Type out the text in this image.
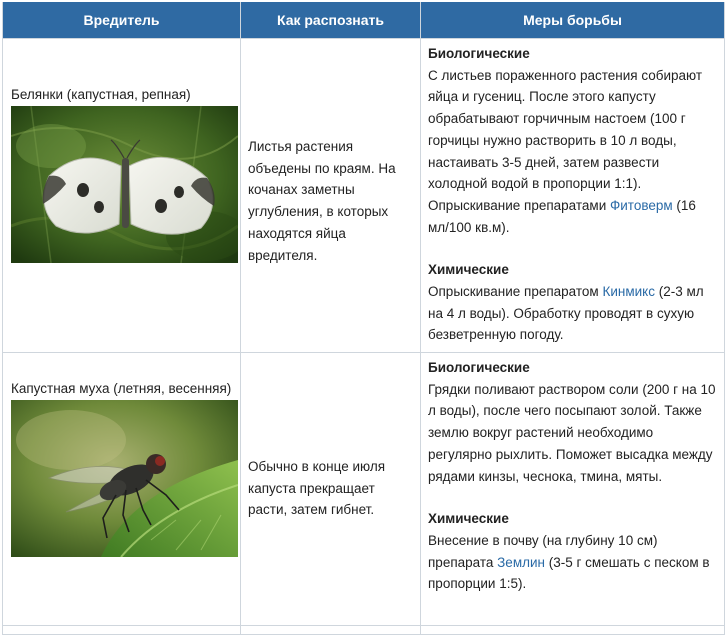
Вредитель	Как распознать	Меры борьбы

Белянки (капустная, репная)	Листья растения объедены по краям. На кочанах заметны углубления, в которых находятся яйца вредителя.	Биологические
С листьев пораженного растения собирают яйца и гусениц. После этого капусту обрабатывают горчичным настоем (100 г горчицы нужно растворить в 10 л воды, настаивать 3-5 дней, затем развести холодной водой в пропорции 1:1). Опрыскивание препаратами Фитоверм (16 мл/100 кв.м).
Химические
Опрыскивание препаратом Кинмикс (2-3 мл на 4 л воды). Обработку проводят в сухую безветренную погоду.

Капустная муха (летняя, весенняя)	Обычно в конце июля капуста прекращает расти, затем гибнет.	Биологические
Грядки поливают раствором соли (200 г на 10 л воды), после чего посыпают золой. Также землю вокруг растений необходимо регулярно рыхлить. Поможет высадка между рядами кинзы, чеснока, тмина, мяты.
Химические
Внесение в почву (на глубину 10 см) препарата Землин (3-5 г смешать с песком в пропорции 1:5).
